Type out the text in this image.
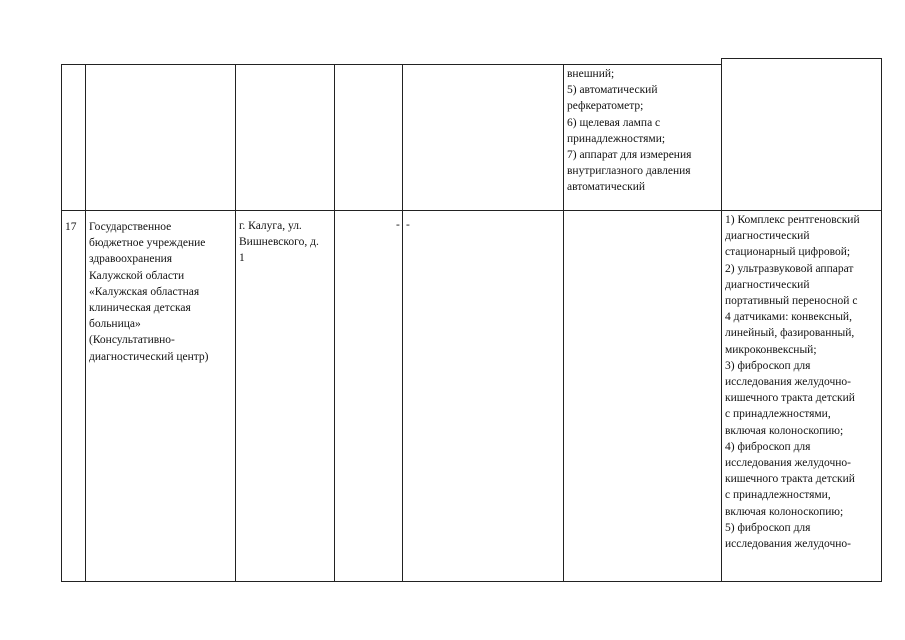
внешний;
5) автоматический
рефкератометр;
6) щелевая лампа с
принадлежностями;
7) аппарат для измерения
внутриглазного давления
автоматический
17 Государственное
бюджетное учреждение
здравоохранения
Калужской области
«Калужская областная
клиническая детская
больница»
(Консультативно-
диагностический центр)
г. Калуга, ул.
Вишневского, д.
1
- -	1) Комплекс рентгеновский
диагностический
стационарный цифровой;
2) ультразвуковой аппарат
диагностический
портативный переносной с
4 датчиками: конвексный,
линейный, фазированный,
микроконвексный;
3) фиброскоп для
исследования желудочно-
кишечного тракта детский
с принадлежностями,
включая колоноскопию;
4) фиброскоп для
исследования желудочно-
кишечного тракта детский
с принадлежностями,
включая колоноскопию;
5) фиброскоп для
исследования желудочно-
